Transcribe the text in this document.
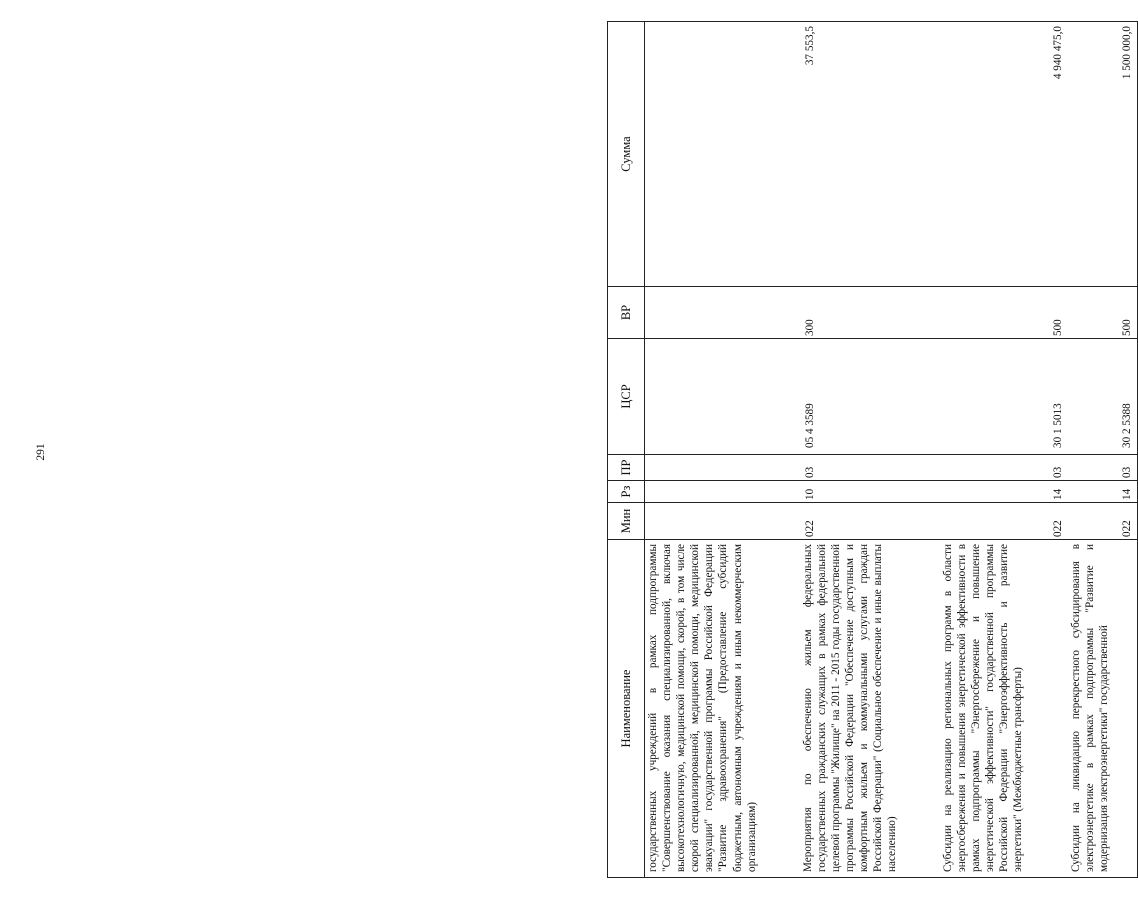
291
Наименование	Мин	Рз	ПР	ЦСР	ВР	Сумма
государственных учреждений в рамках подпрограммы "Совершенствование оказания специализированной, включая высокотехнологичную, медицинской помощи, скорой, в том числе скорой специализированной, медицинской помощи, медицинской эвакуации" государственной программы Российской Федерации "Развитие здравоохранения" (Предоставление субсидий бюджетным, автономным учреждениям и иным некоммерческим организациям)						
Мероприятия по обеспечению жильем федеральных государственных гражданских служащих в рамках федеральной целевой программы "Жилище" на 2011 - 2015 годы государственной программы Российской Федерации "Обеспечение доступным и комфортным жильем и коммунальными услугами граждан Российской Федерации" (Социальное обеспечение и иные выплаты населению)	022	10	03	05 4 3589	300	37 553,5
Субсидии на реализацию региональных программ в области энергосбережения и повышения энергетической эффективности в рамках подпрограммы "Энергосбережение и повышение энергетической эффективности" государственной программы Российской Федерации "Энергоэффективность и развитие энергетики" (Межбюджетные трансферты)	022	14	03	30 1 5013	500	4 940 475,0
Субсидии на ликвидацию перекрестного субсидирования в электроэнергетике в рамках подпрограммы "Развитие и модернизация электроэнергетики" государственной	022	14	03	30 2 5388	500	1 500 000,0
